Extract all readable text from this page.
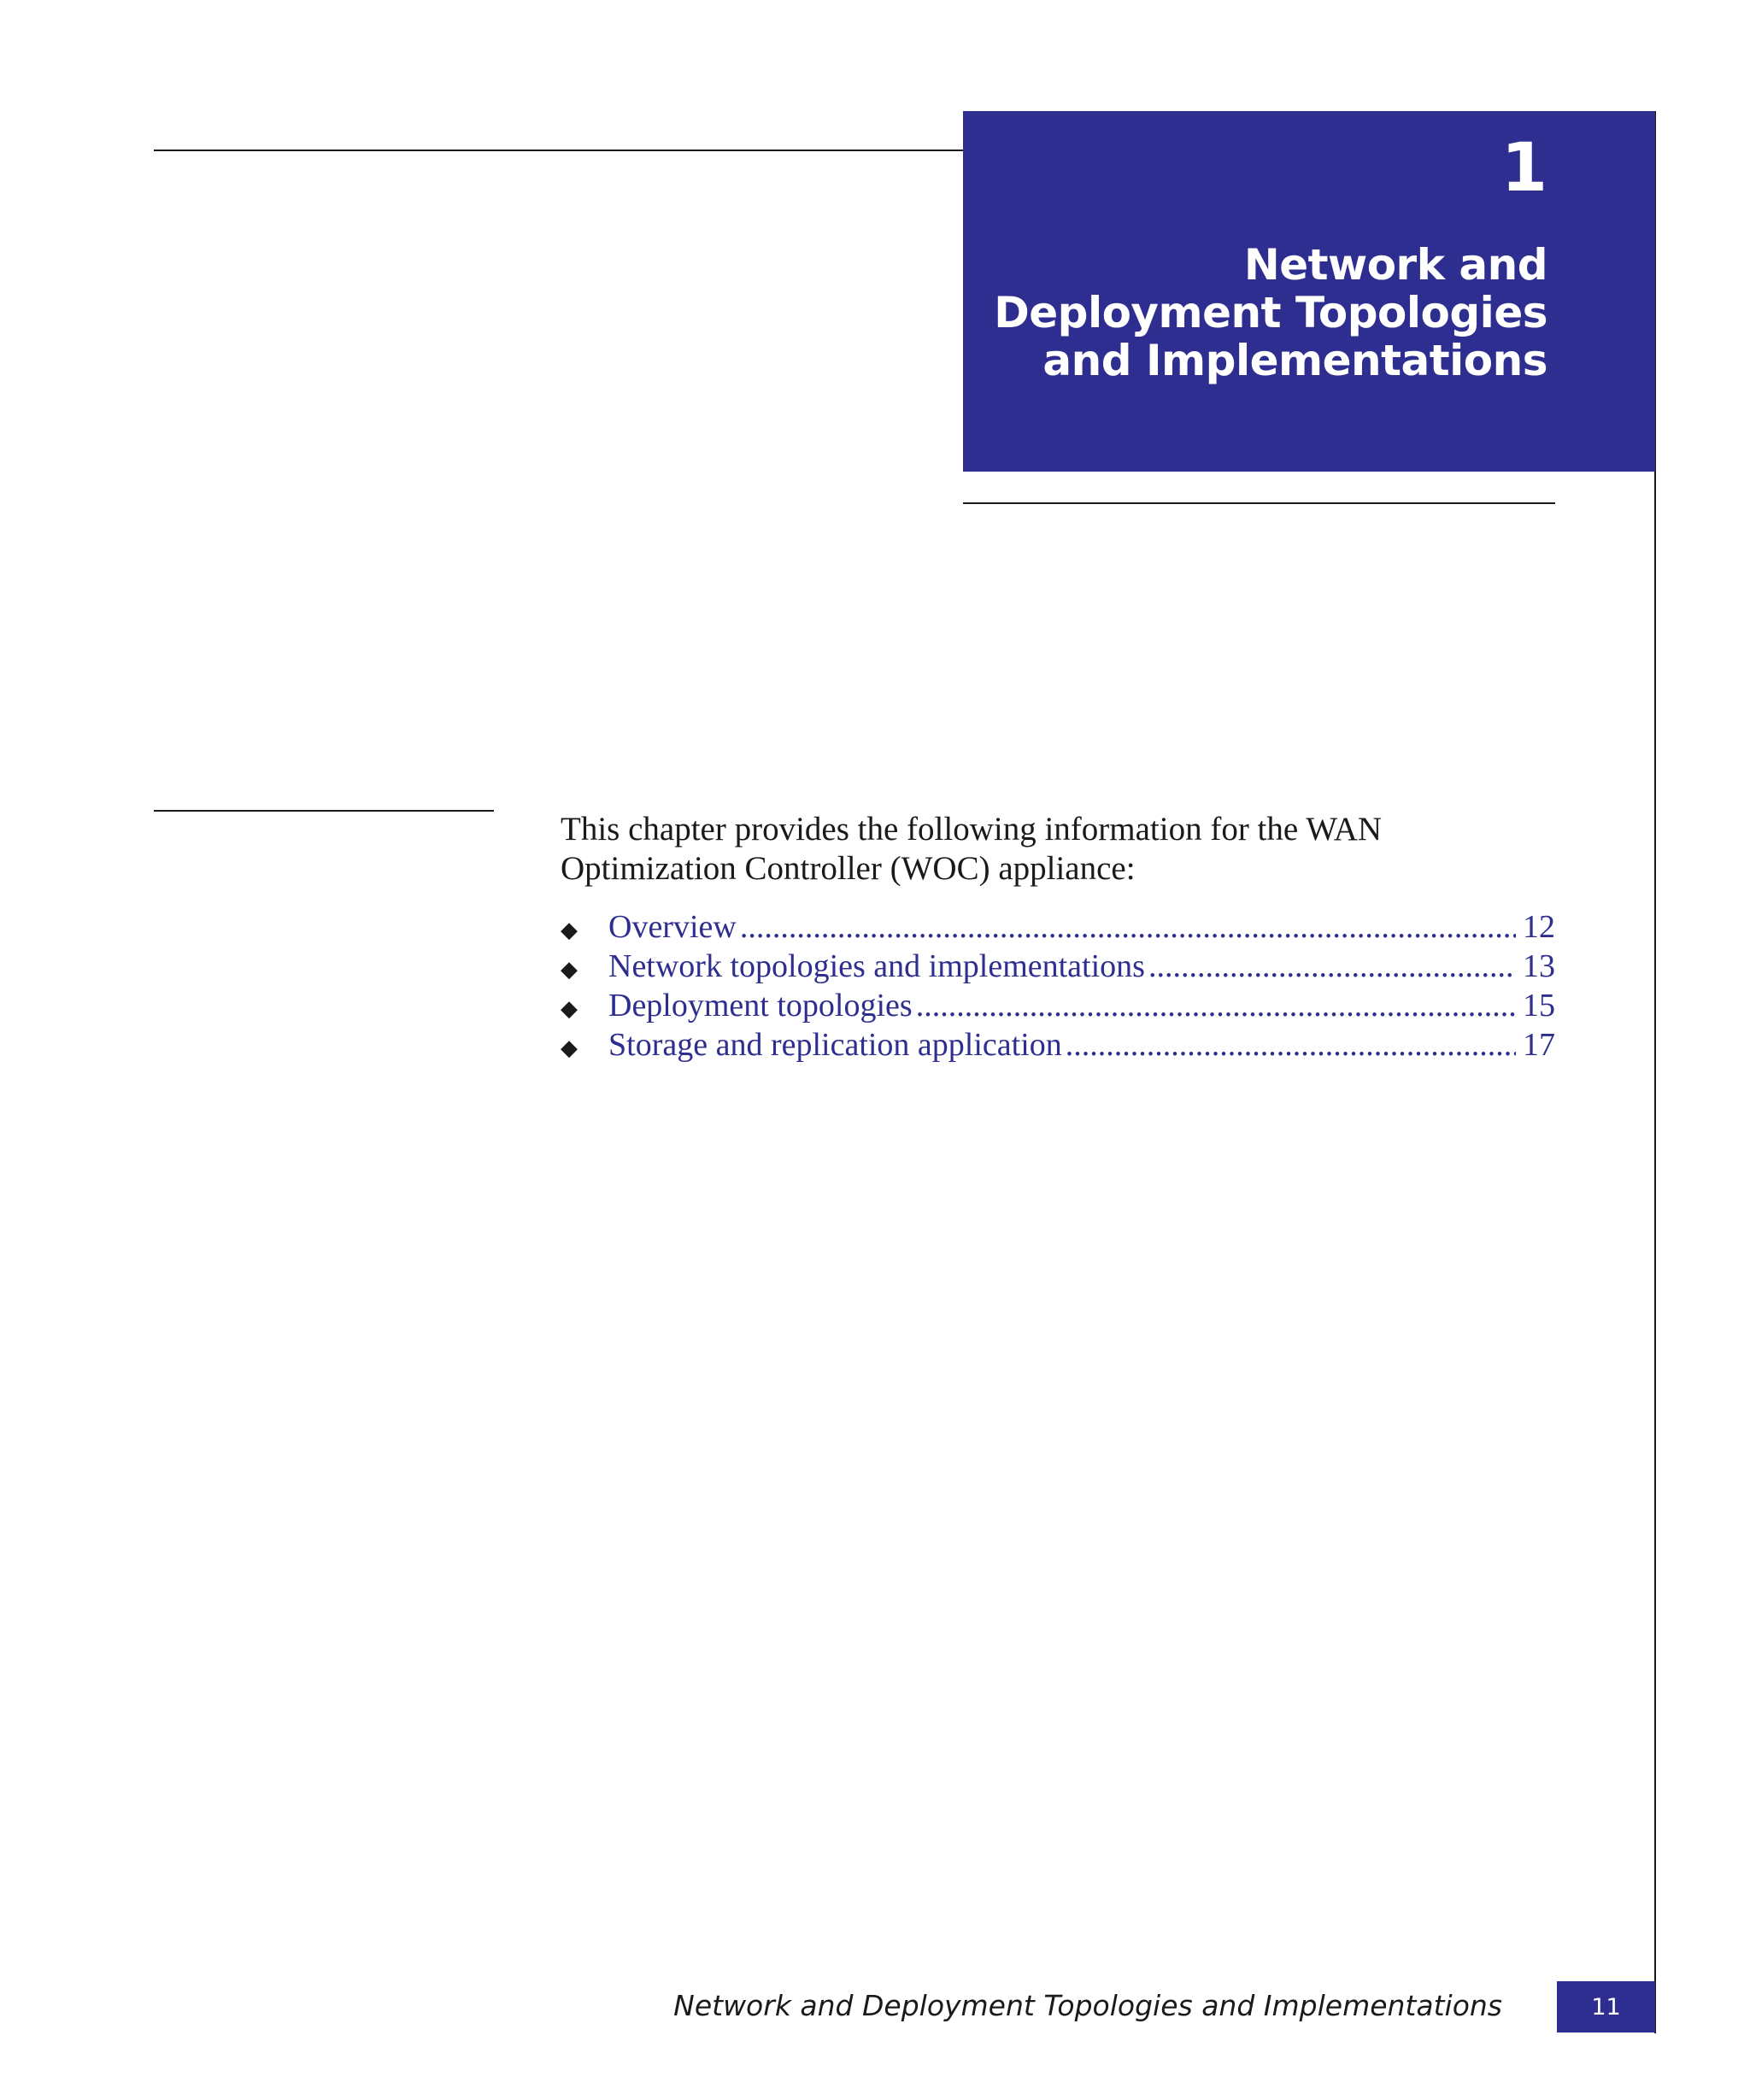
1
Network and Deployment Topologies and Implementations

This chapter provides the following information for the WAN Optimization Controller (WOC) appliance:

◆ Overview .....	12
◆ Network topologies and implementations .....	13
◆ Deployment topologies .....	15
◆ Storage and replication application .....	17
Network and Deployment Topologies and Implementations	11
